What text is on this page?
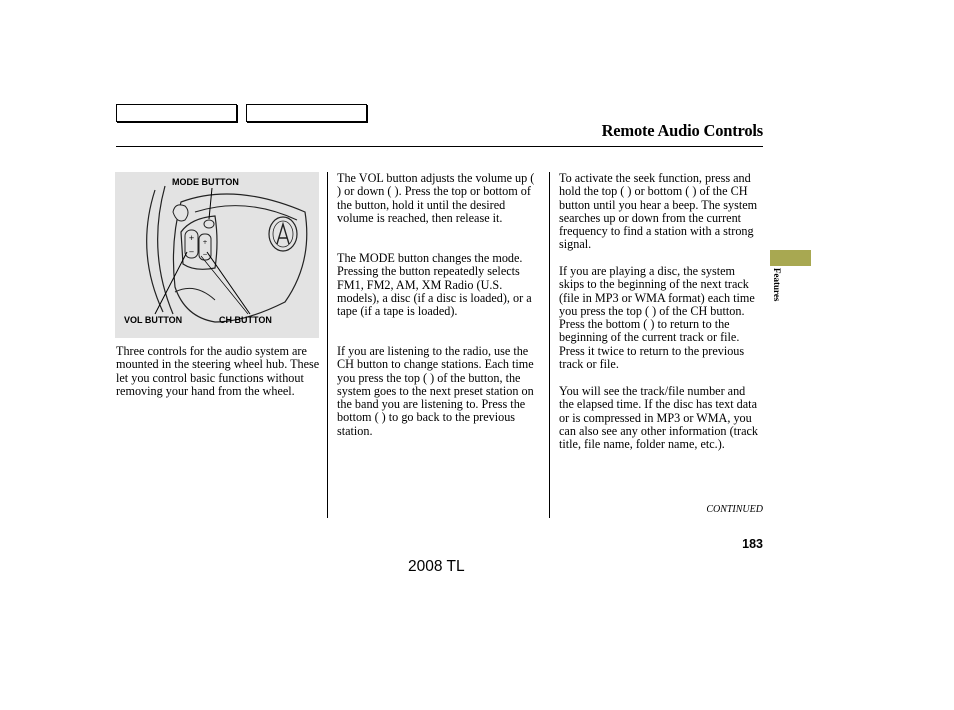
Remote Audio Controls
+
−
+
−
MODE BUTTON
VOL BUTTON	CH BUTTON

Three controls for the audio system are mounted in the steering wheel hub. These let you control basic functions without removing your hand from the wheel.

The VOL button adjusts the volume up ( ) or down ( ). Press the top or bottom of the button, hold it until the desired volume is reached, then release it.

The MODE button changes the mode. Pressing the button repeatedly selects FM1, FM2, AM, XM Radio (U.S. models), a disc (if a disc is loaded), or a tape (if a tape is loaded).

If you are listening to the radio, use the CH button to change stations. Each time you press the top ( ) of the button, the system goes to the next preset station on the band you are listening to. Press the bottom ( ) to go back to the previous station.

To activate the seek function, press and hold the top ( ) or bottom ( ) of the CH button until you hear a beep. The system searches up or down from the current frequency to find a station with a strong signal.

If you are playing a disc, the system skips to the beginning of the next track (file in MP3 or WMA format) each time you press the top ( ) of the CH button. Press the bottom ( ) to return to the beginning of the current track or file. Press it twice to return to the previous track or file.

You will see the track/file number and the elapsed time. If the disc has text data or is compressed in MP3 or WMA, you can also see any other information (track title, file name, folder name, etc.).

Features
CONTINUED
183
2008 TL
